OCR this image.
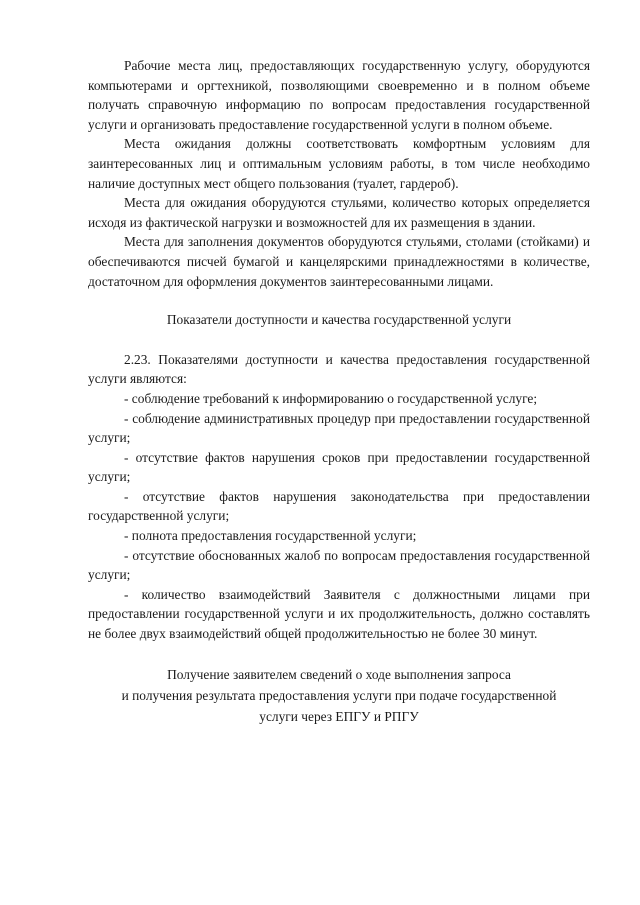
Рабочие места лиц, предоставляющих государственную услугу, оборудуются компьютерами и оргтехникой, позволяющими своевременно и в полном объеме получать справочную информацию по вопросам предоставления государственной услуги и организовать предоставление государственной услуги в полном объеме.

Места ожидания должны соответствовать комфортным условиям для заинтересованных лиц и оптимальным условиям работы, в том числе необходимо наличие доступных мест общего пользования (туалет, гардероб).

Места для ожидания оборудуются стульями, количество которых определяется исходя из фактической нагрузки и возможностей для их размещения в здании.

Места для заполнения документов оборудуются стульями, столами (стойками) и обеспечиваются писчей бумагой и канцелярскими принадлежностями в количестве, достаточном для оформления документов заинтересованными лицами.

Показатели доступности и качества государственной услуги

2.23. Показателями доступности и качества предоставления государственной услуги являются:

- соблюдение требований к информированию о государственной услуге;

- соблюдение административных процедур при предоставлении государственной услуги;

- отсутствие фактов нарушения сроков при предоставлении государственной услуги;

- отсутствие фактов нарушения законодательства при предоставлении государственной услуги;

- полнота предоставления государственной услуги;

- отсутствие обоснованных жалоб по вопросам предоставления государственной услуги;

- количество взаимодействий Заявителя с должностными лицами при предоставлении государственной услуги и их продолжительность, должно составлять не более двух взаимодействий общей продолжительностью не более 30 минут.

Получение заявителем сведений о ходе выполнения запроса
и получения результата предоставления услуги при подаче государственной
услуги через ЕПГУ и РПГУ
